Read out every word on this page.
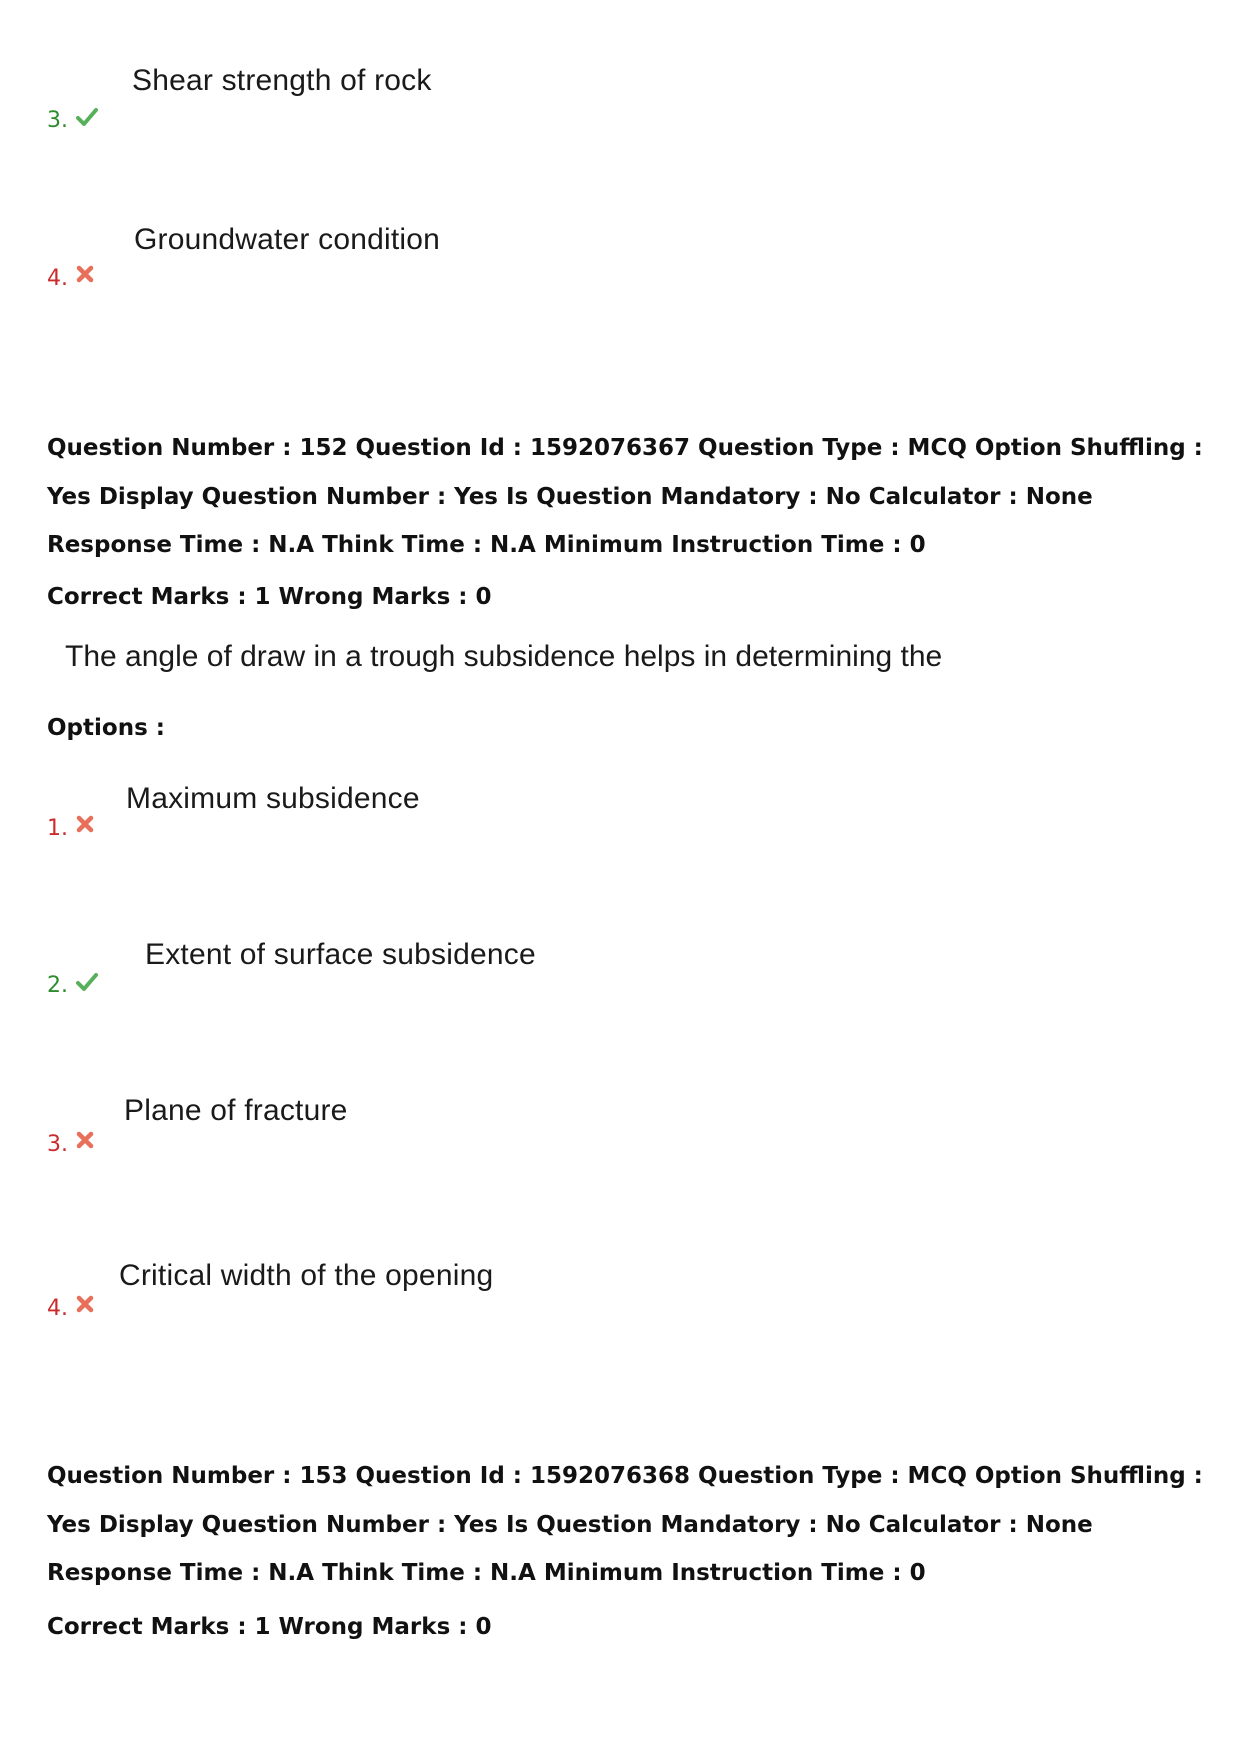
Shear strength of rock
3.
Groundwater condition
4.
Question Number : 152 Question Id : 1592076367 Question Type : MCQ Option Shuffling : Yes Display Question Number : Yes Is Question Mandatory : No Calculator : None Response Time : N.A Think Time : N.A Minimum Instruction Time : 0
Correct Marks : 1 Wrong Marks : 0
The angle of draw in a trough subsidence helps in determining the
Options :
Maximum subsidence
1.
Extent of surface subsidence
2.
Plane of fracture
3.
Critical width of the opening
4.
Question Number : 153 Question Id : 1592076368 Question Type : MCQ Option Shuffling : Yes Display Question Number : Yes Is Question Mandatory : No Calculator : None Response Time : N.A Think Time : N.A Minimum Instruction Time : 0
Correct Marks : 1 Wrong Marks : 0
